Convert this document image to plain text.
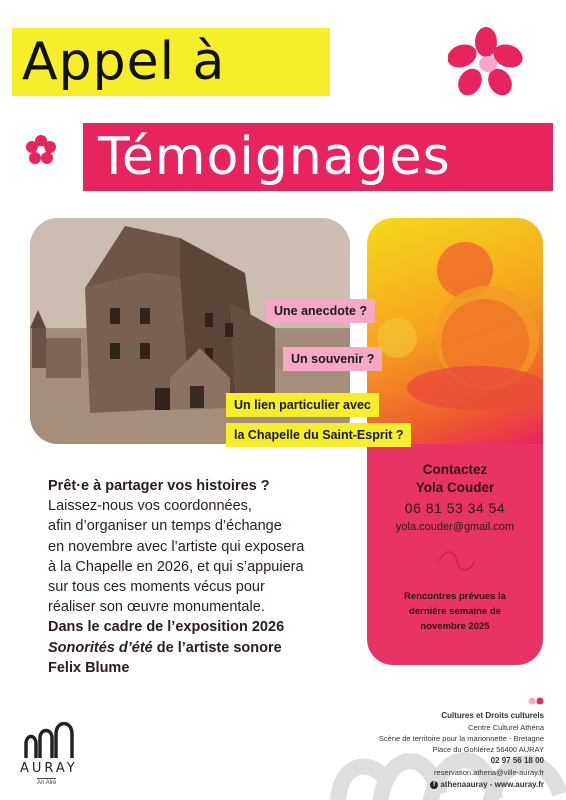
Appel à
Témoignages
Une anecdote ?
Un souvenir ?
Un lien particulier avec
la Chapelle du Saint-Esprit ?
Prêt·e à partager vos histoires ?
Laissez-nous vos coordonnées,
afin d’organiser un temps d’échange
en novembre avec l’artiste qui exposera
à la Chapelle en 2026, et qui s’appuiera
sur tous ces moments vécus pour
réaliser son œuvre monumentale.
Dans le cadre de l’exposition 2026
Sonorités d’été de l’artiste sonore
Felix Blume
Contactez
Yola Couder
06 81 53 34 54
yola.couder@gmail.com
Rencontres prévues la
dernière semaine de
novembre 2025
Cultures et Droits culturels
Centre Culturel Athéna
Scène de territoire pour la marionnette - Bretagne
Place du Gohlérez 56400 AURAY
02 97 56 18 00
reservation.athena@ville-auray.fr
f athenaauray - www.auray.fr
AURAY
An Alre
